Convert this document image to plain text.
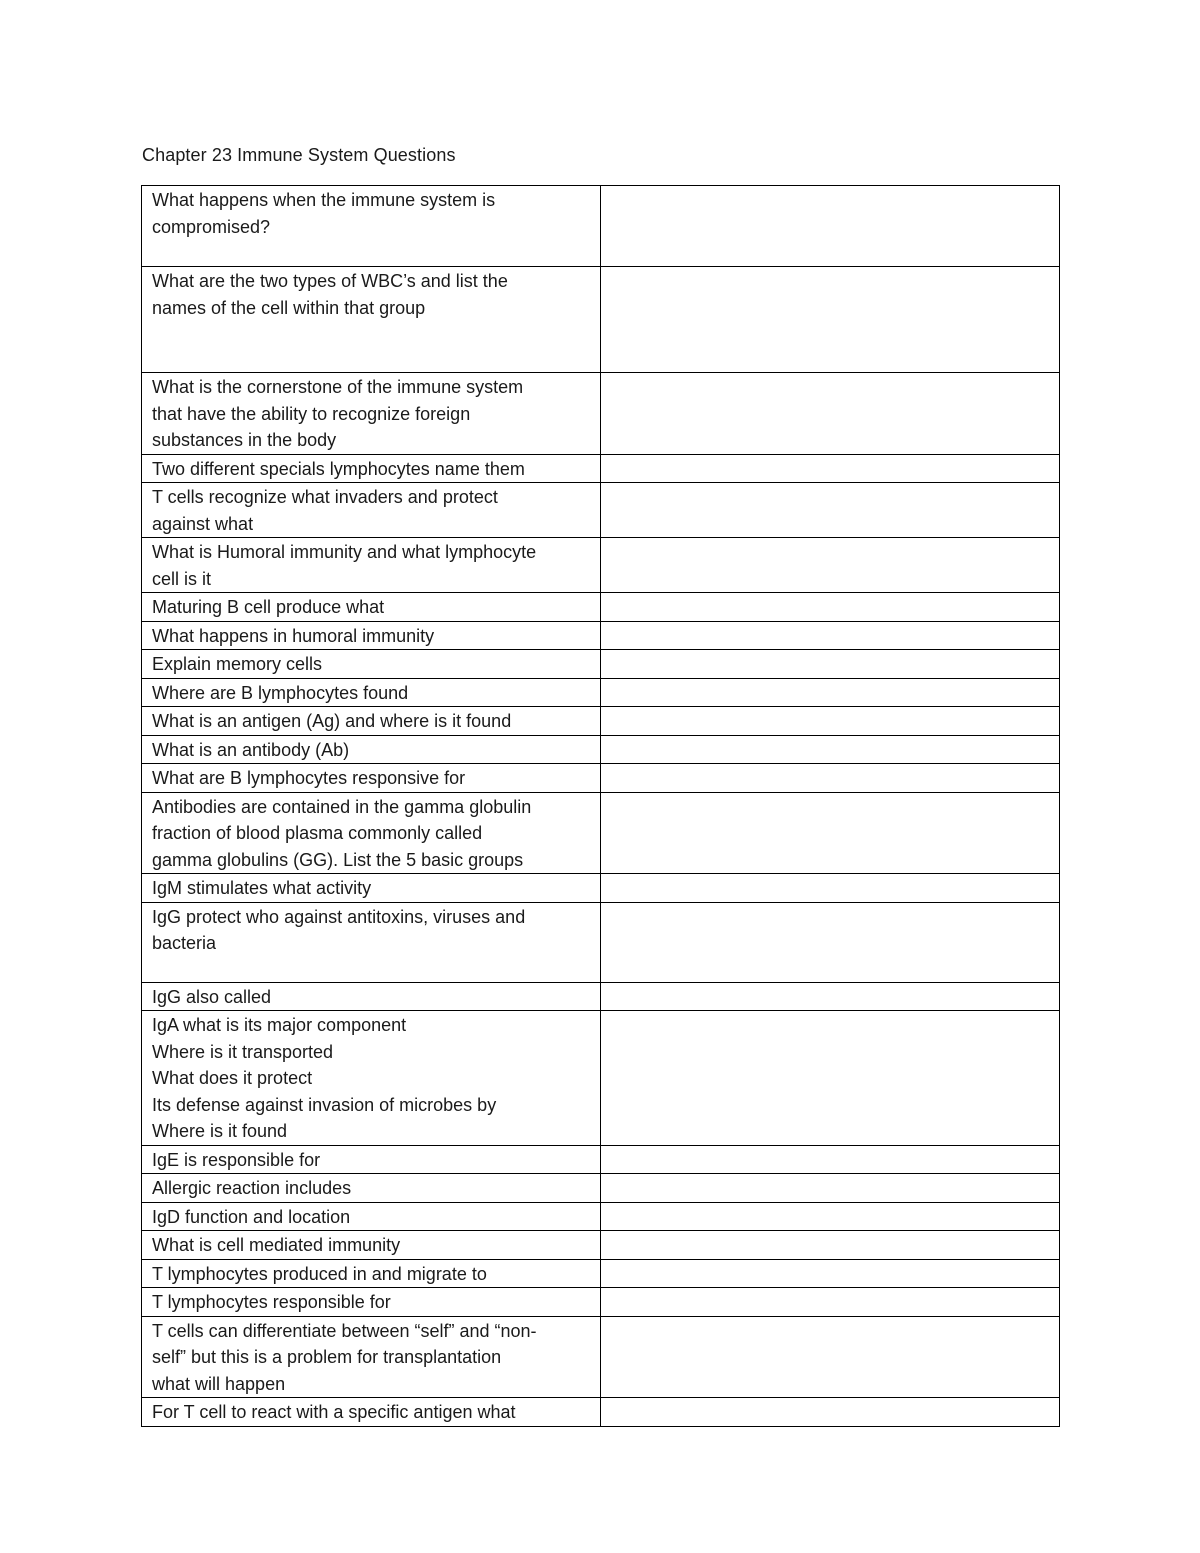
Chapter 23 Immune System Questions
What happens when the immune system is
compromised?	

What are the two types of WBC’s and list the
names of the cell within that group	

What is the cornerstone of the immune system
that have the ability to recognize foreign
substances in the body	

Two different specials lymphocytes name them	

T cells recognize what invaders and protect
against what	

What is Humoral immunity and what lymphocyte
cell is it	

Maturing B cell produce what	

What happens in humoral immunity	

Explain memory cells	

Where are B lymphocytes found	

What is an antigen (Ag) and where is it found	

What is an antibody (Ab)	

What are B lymphocytes responsive for	

Antibodies are contained in the gamma globulin
fraction of blood plasma commonly called
gamma globulins (GG). List the 5 basic groups	

IgM stimulates what activity	

IgG protect who against antitoxins, viruses and
bacteria	

IgG also called	

IgA what is its major component
Where is it transported
What does it protect
Its defense against invasion of microbes by
Where is it found	

IgE is responsible for	

Allergic reaction includes	

IgD function and location	

What is cell mediated immunity	

T lymphocytes produced in and migrate to	

T lymphocytes responsible for	

T cells can differentiate between “self” and “non-
self” but this is a problem for transplantation
what will happen	

For T cell to react with a specific antigen what	
